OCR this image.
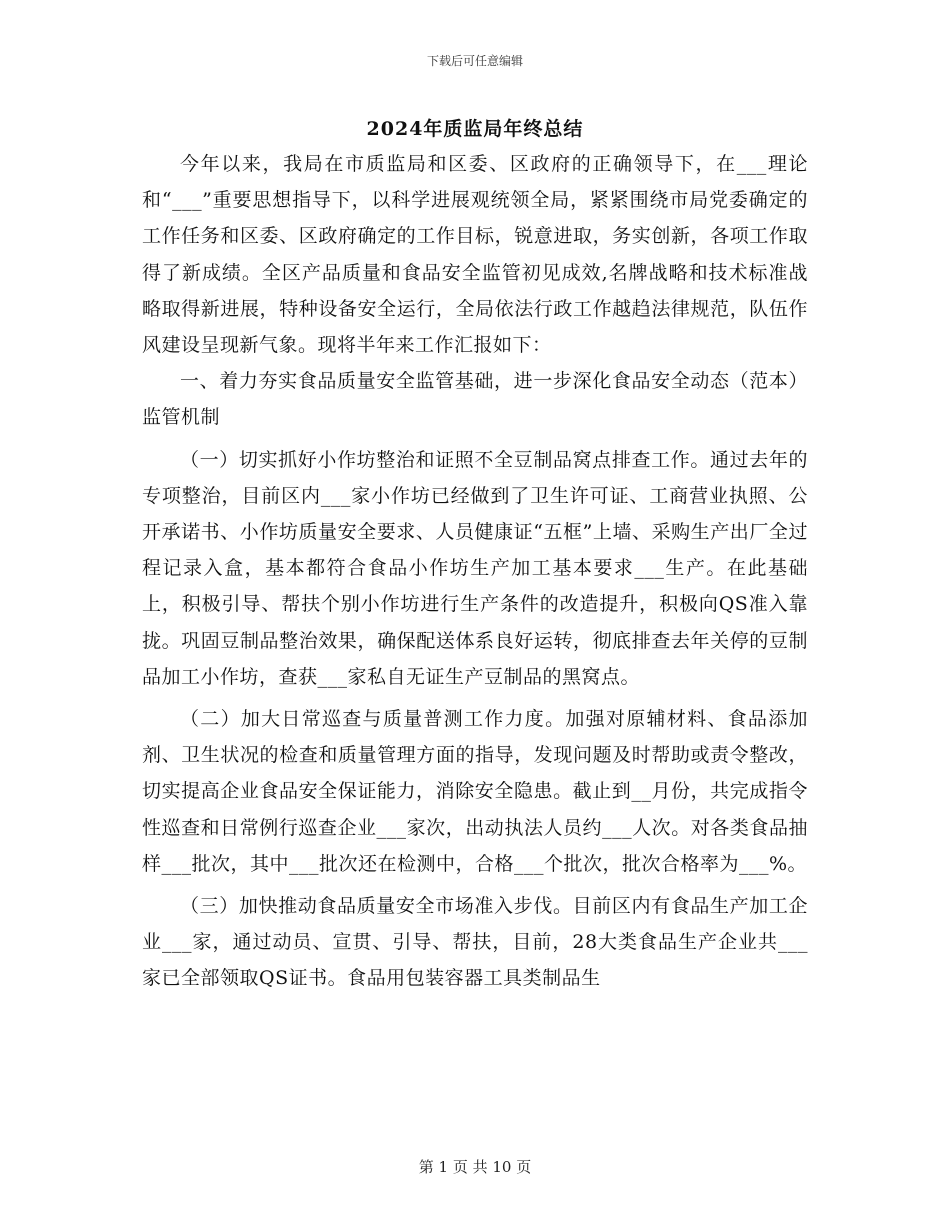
下载后可任意编辑
2024年质监局年终总结

今年以来，我局在市质监局和区委、区政府的正确领导下，在___理论和“___”重要思想指导下，以科学进展观统领全局，紧紧围绕市局党委确定的工作任务和区委、区政府确定的工作目标，锐意进取，务实创新，各项工作取得了新成绩。全区产品质量和食品安全监管初见成效,名牌战略和技术标准战略取得新进展，特种设备安全运行，全局依法行政工作越趋法律规范，队伍作风建设呈现新气象。现将半年来工作汇报如下：

一、着力夯实食品质量安全监管基础，进一步深化食品安全动态（范本）监管机制

（一）切实抓好小作坊整治和证照不全豆制品窝点排查工作。通过去年的专项整治，目前区内___家小作坊已经做到了卫生许可证、工商营业执照、公开承诺书、小作坊质量安全要求、人员健康证“五框”上墙、采购生产出厂全过程记录入盒，基本都符合食品小作坊生产加工基本要求___生产。在此基础上，积极引导、帮扶个别小作坊进行生产条件的改造提升，积极向QS准入靠拢。巩固豆制品整治效果，确保配送体系良好运转，彻底排查去年关停的豆制品加工小作坊，查获___家私自无证生产豆制品的黑窝点。

（二）加大日常巡查与质量普测工作力度。加强对原辅材料、食品添加剂、卫生状况的检查和质量管理方面的指导，发现问题及时帮助或责令整改，切实提高企业食品安全保证能力，消除安全隐患。截止到__月份，共完成指令性巡查和日常例行巡查企业___家次，出动执法人员约___人次。对各类食品抽样___批次，其中___批次还在检测中，合格___个批次，批次合格率为___%。

（三）加快推动食品质量安全市场准入步伐。目前区内有食品生产加工企业___家，通过动员、宣贯、引导、帮扶，目前，28大类食品生产企业共___家已全部领取QS证书。食品用包装容器工具类制品生

第 1 页 共 10 页
